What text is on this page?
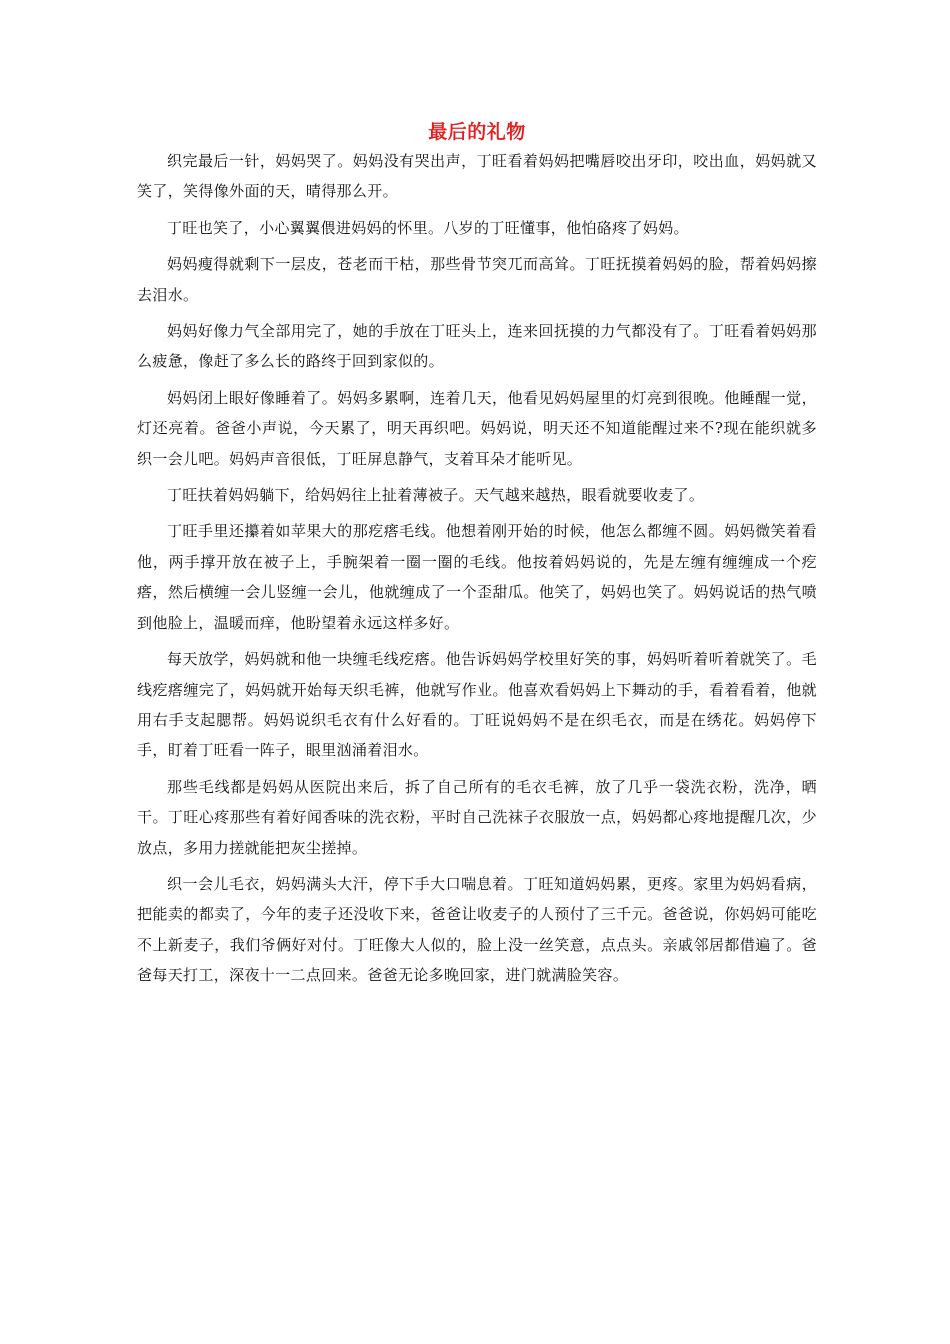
最后的礼物

织完最后一针，妈妈哭了。妈妈没有哭出声，丁旺看着妈妈把嘴唇咬出牙印，咬出血，妈妈就又笑了，笑得像外面的天，晴得那么开。

丁旺也笑了，小心翼翼偎进妈妈的怀里。八岁的丁旺懂事，他怕硌疼了妈妈。

妈妈瘦得就剩下一层皮，苍老而干枯，那些骨节突兀而高耸。丁旺抚摸着妈妈的脸，帮着妈妈擦去泪水。

妈妈好像力气全部用完了，她的手放在丁旺头上，连来回抚摸的力气都没有了。丁旺看着妈妈那么疲惫，像赶了多么长的路终于回到家似的。

妈妈闭上眼好像睡着了。妈妈多累啊，连着几天，他看见妈妈屋里的灯亮到很晚。他睡醒一觉，灯还亮着。爸爸小声说，今天累了，明天再织吧。妈妈说，明天还不知道能醒过来不?现在能织就多织一会儿吧。妈妈声音很低，丁旺屏息静气，支着耳朵才能听见。

丁旺扶着妈妈躺下，给妈妈往上扯着薄被子。天气越来越热，眼看就要收麦了。

丁旺手里还攥着如苹果大的那疙瘩毛线。他想着刚开始的时候，他怎么都缠不圆。妈妈微笑着看他，两手撑开放在被子上，手腕架着一圈一圈的毛线。他按着妈妈说的，先是左缠有缠缠成一个疙瘩，然后横缠一会儿竖缠一会儿，他就缠成了一个歪甜瓜。他笑了，妈妈也笑了。妈妈说话的热气喷到他脸上，温暖而痒，他盼望着永远这样多好。

每天放学，妈妈就和他一块缠毛线疙瘩。他告诉妈妈学校里好笑的事，妈妈听着听着就笑了。毛线疙瘩缠完了，妈妈就开始每天织毛裤，他就写作业。他喜欢看妈妈上下舞动的手，看着看着，他就用右手支起腮帮。妈妈说织毛衣有什么好看的。丁旺说妈妈不是在织毛衣，而是在绣花。妈妈停下手，盯着丁旺看一阵子，眼里汹涌着泪水。

那些毛线都是妈妈从医院出来后，拆了自己所有的毛衣毛裤，放了几乎一袋洗衣粉，洗净，晒干。丁旺心疼那些有着好闻香味的洗衣粉，平时自己洗袜子衣服放一点，妈妈都心疼地提醒几次，少放点，多用力搓就能把灰尘搓掉。

织一会儿毛衣，妈妈满头大汗，停下手大口喘息着。丁旺知道妈妈累，更疼。家里为妈妈看病，把能卖的都卖了，今年的麦子还没收下来，爸爸让收麦子的人预付了三千元。爸爸说，你妈妈可能吃不上新麦子，我们爷俩好对付。丁旺像大人似的，脸上没一丝笑意，点点头。亲戚邻居都借遍了。爸爸每天打工，深夜十一二点回来。爸爸无论多晚回家，进门就满脸笑容。
